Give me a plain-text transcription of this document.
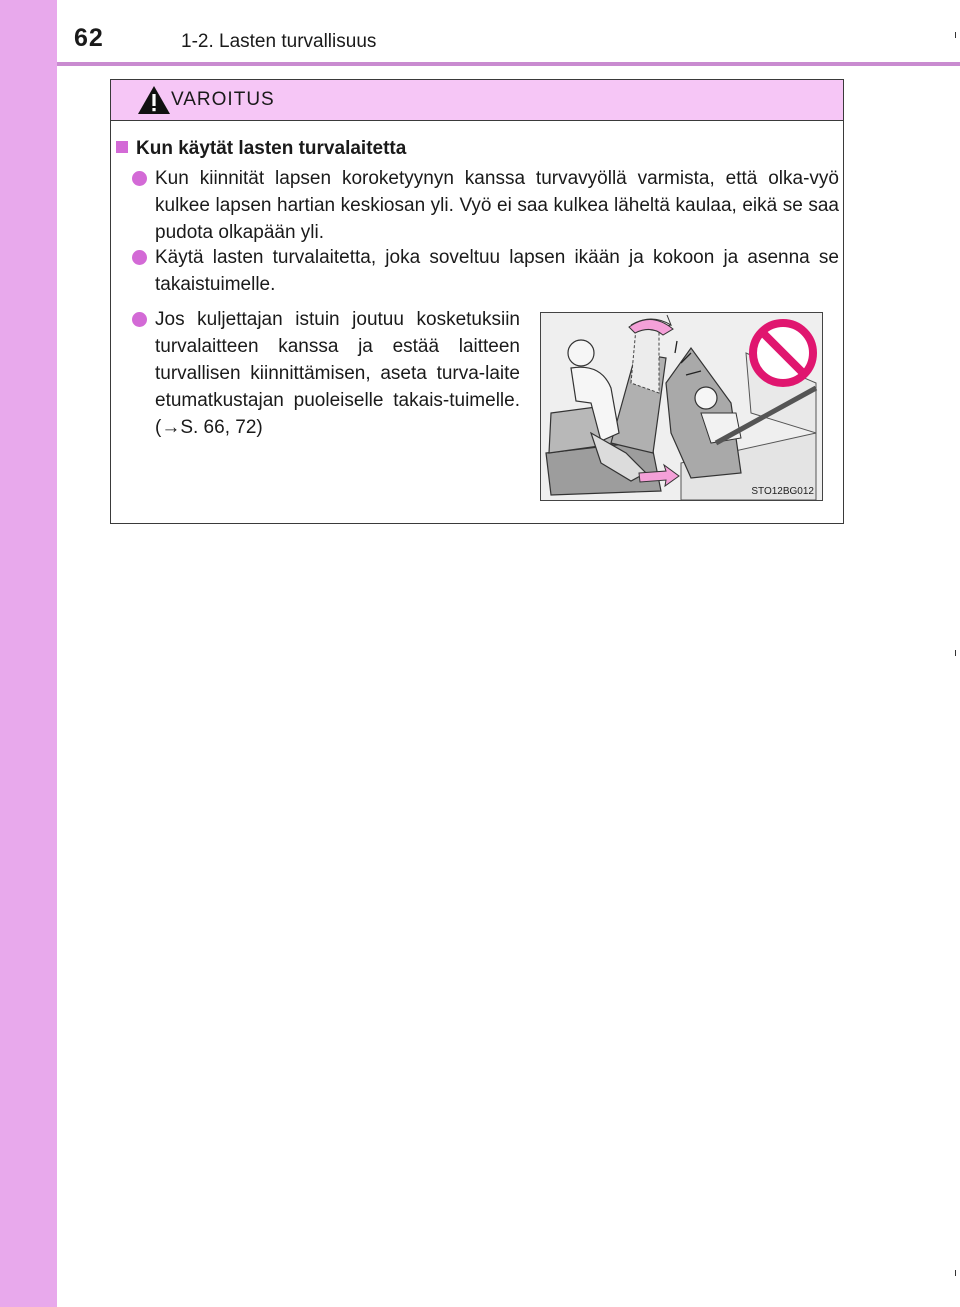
62	1-2. Lasten turvallisuus
VAROITUS
Kun käytät lasten turvalaitetta
Kun kiinnität lapsen koroketyynyn kanssa turvavyöllä varmista, että olka-vyö kulkee lapsen hartian keskiosan yli. Vyö ei saa kulkea läheltä kaulaa, eikä se saa pudota olkapään yli.
Käytä lasten turvalaitetta, joka soveltuu lapsen ikään ja kokoon ja asenna se takaistuimelle.
Jos kuljettajan istuin joutuu kosketuksiin turvalaitteen kanssa ja estää laitteen turvallisen kiinnittämisen, aseta turva-laite etumatkustajan puoleiselle takais-tuimelle. (→S. 66, 72)
STO12BG012
